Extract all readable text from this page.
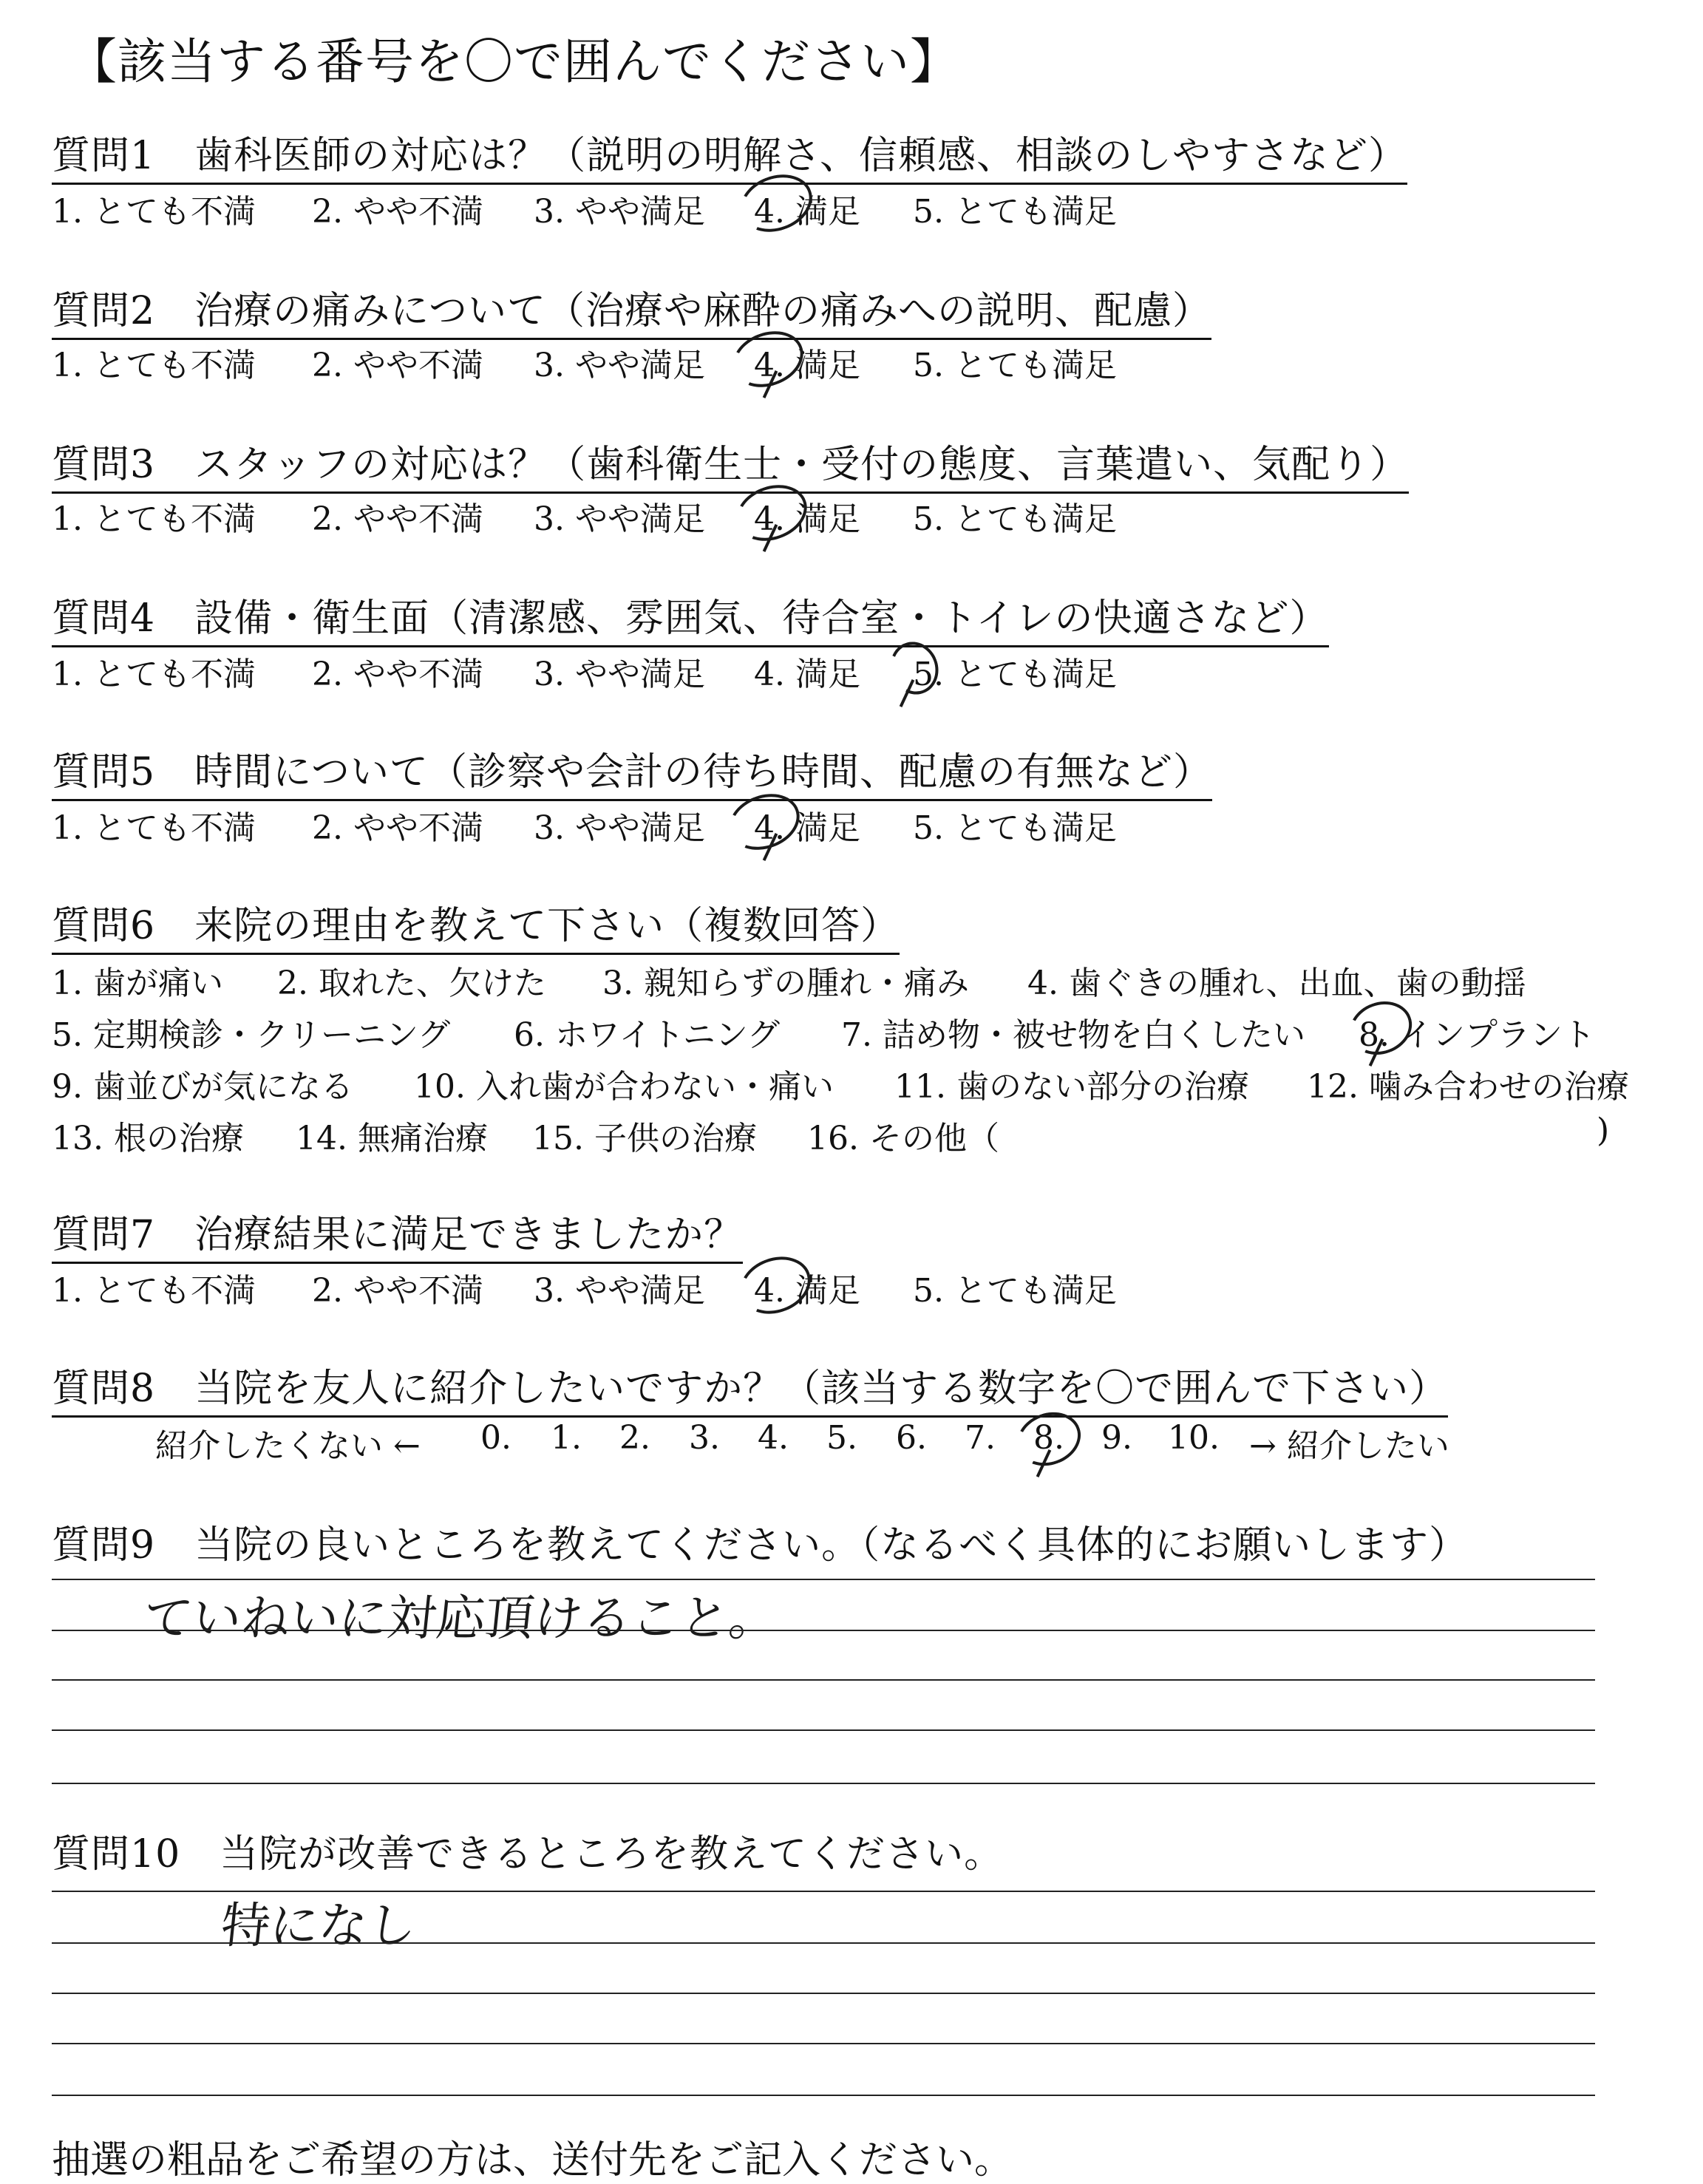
【該当する番号を〇で囲んでください】
質問1　歯科医師の対応は？（説明の明解さ、信頼感、相談のしやすさなど）
1. とても不満 2. やや不満 3. やや満足 4. 満足 5. とても満足
質問2　治療の痛みについて（治療や麻酔の痛みへの説明、配慮）
1. とても不満 2. やや不満 3. やや満足 4. 満足 5. とても満足
質問3　スタッフの対応は？（歯科衛生士・受付の態度、言葉遣い、気配り）
1. とても不満 2. やや不満 3. やや満足 4. 満足 5. とても満足
質問4　設備・衛生面（清潔感、雰囲気、待合室・トイレの快適さなど）
1. とても不満 2. やや不満 3. やや満足 4. 満足 5. とても満足
質問5　時間について（診察や会計の待ち時間、配慮の有無など）
1. とても不満 2. やや不満 3. やや満足 4. 満足 5. とても満足
質問6　来院の理由を教えて下さい（複数回答）
1. 歯が痛い 2. 取れた、欠けた 3. 親知らずの腫れ・痛み 4. 歯ぐきの腫れ、出血、歯の動揺
5. 定期検診・クリーニング 6. ホワイトニング 7. 詰め物・被せ物を白くしたい 8. インプラント
9. 歯並びが気になる 10. 入れ歯が合わない・痛い 11. 歯のない部分の治療 12. 噛み合わせの治療
13. 根の治療 14. 無痛治療 15. 子供の治療 16. その他（	)
質問7　治療結果に満足できましたか？
1. とても不満 2. やや不満 3. やや満足 4. 満足 5. とても満足
質問8　当院を友人に紹介したいですか？（該当する数字を〇で囲んで下さい）
紹介したくない ← 0. 1. 2. 3. 4. 5. 6. 7. 8. 9. 10. → 紹介したい
質問9　当院の良いところを教えてください。（なるべく具体的にお願いします）
ていねいに対応頂けること。
質問10　当院が改善できるところを教えてください。
特になし
抽選の粗品をご希望の方は、送付先をご記入ください。
